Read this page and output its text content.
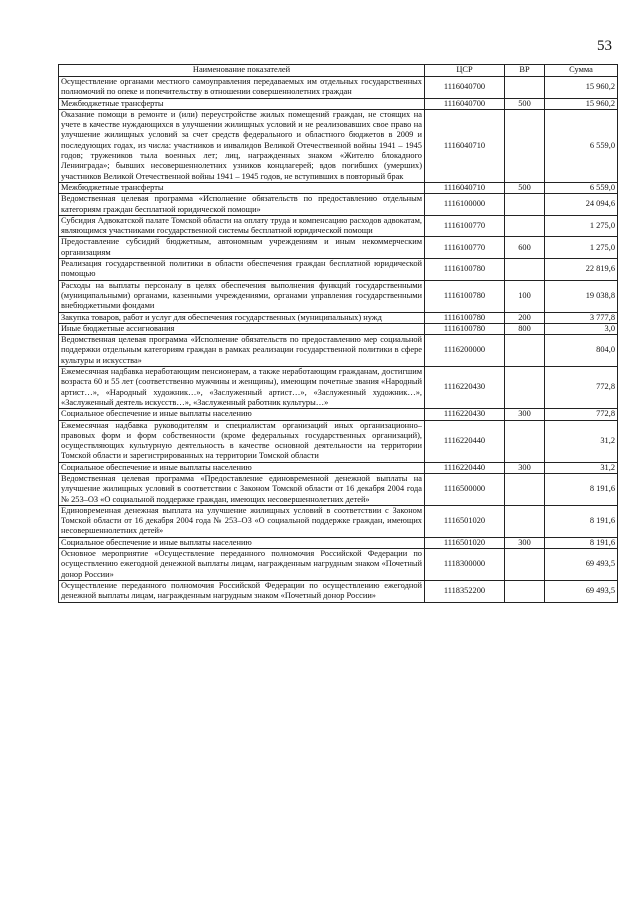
53
Наименование показателей	ЦСР	ВР	Сумма
Осуществление органами местного самоуправления передаваемых им отдельных государственных полномочий по опеке и попечительству в отношении совершеннолетних граждан	1116040700		15 960,2
Межбюджетные трансферты	1116040700	500	15 960,2
Оказание помощи в ремонте и (или) переустройстве жилых помещений граждан, не стоящих на учете в качестве нуждающихся в улучшении жилищных условий и не реализовавших свое право на улучшение жилищных условий за счет средств федерального и областного бюджетов в 2009 и последующих годах, из числа: участников и инвалидов Великой Отечественной войны 1941 – 1945 годов; тружеников тыла военных лет; лиц, награжденных знаком «Жителю блокадного Ленинграда»; бывших несовершеннолетних узников концлагерей; вдов погибших (умерших) участников Великой Отечественной войны 1941 – 1945 годов, не вступивших в повторный брак	1116040710		6 559,0
Межбюджетные трансферты	1116040710	500	6 559,0
Ведомственная целевая программа «Исполнение обязательств по предоставлению отдельным категориям граждан бесплатной юридической помощи»	1116100000		24 094,6
Субсидия Адвокатской палате Томской области на оплату труда и компенсацию расходов адвокатам, являющимся участниками государственной системы бесплатной юридической помощи	1116100770		1 275,0
Предоставление субсидий бюджетным, автономным учреждениям и иным некоммерческим организациям	1116100770	600	1 275,0
Реализация государственной политики в области обеспечения граждан бесплатной юридической помощью	1116100780		22 819,6
Расходы на выплаты персоналу в целях обеспечения выполнения функций государственными (муниципальными) органами, казенными учреждениями, органами управления государственными внебюджетными фондами	1116100780	100	19 038,8
Закупка товаров, работ и услуг для обеспечения государственных (муниципальных) нужд	1116100780	200	3 777,8
Иные бюджетные ассигнования	1116100780	800	3,0
Ведомственная целевая программа «Исполнение обязательств по предоставлению мер социальной поддержки отдельным категориям граждан в рамках реализации государственной политики в сфере культуры и искусства»	1116200000		804,0
Ежемесячная надбавка неработающим пенсионерам, а также неработающим гражданам, достигшим возраста 60 и 55 лет (соответственно мужчины и женщины), имеющим почетные звания «Народный артист…», «Народный художник…», «Заслуженный артист…», «Заслуженный художник…», «Заслуженный деятель искусств…», «Заслуженный работник культуры…»	1116220430		772,8
Социальное обеспечение и иные выплаты населению	1116220430	300	772,8
Ежемесячная надбавка руководителям и специалистам организаций иных организационно–правовых форм и форм собственности (кроме федеральных государственных организаций), осуществляющих культурную деятельность в качестве основной деятельности на территории Томской области и зарегистрированных на территории Томской области	1116220440		31,2
Социальное обеспечение и иные выплаты населению	1116220440	300	31,2
Ведомственная целевая программа «Предоставление единовременной денежной выплаты на улучшение жилищных условий в соответствии с Законом Томской области от 16 декабря 2004 года № 253–ОЗ «О социальной поддержке граждан, имеющих несовершеннолетних детей»	1116500000		8 191,6
Единовременная денежная выплата на улучшение жилищных условий в соответствии с Законом Томской области от 16 декабря 2004 года № 253–ОЗ «О социальной поддержке граждан, имеющих несовершеннолетних детей»	1116501020		8 191,6
Социальное обеспечение и иные выплаты населению	1116501020	300	8 191,6
Основное мероприятие «Осуществление переданного полномочия Российской Федерации по осуществлению ежегодной денежной выплаты лицам, награжденным нагрудным знаком «Почетный донор России»	1118300000		69 493,5
Осуществление переданного полномочия Российской Федерации по осуществлению ежегодной денежной выплаты лицам, награжденным нагрудным знаком «Почетный донор России»	1118352200		69 493,5
